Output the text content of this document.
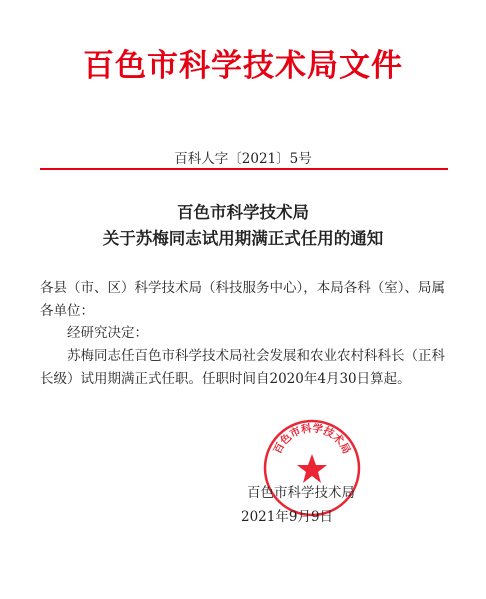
百色市科学技术局文件
百科人字〔2021〕5号
百色市科学技术局
关于苏梅同志试用期满正式任用的通知
各县（市、区）科学技术局（科技服务中心），本局各科（室）、局属各单位：
经研究决定：
苏梅同志任百色市科学技术局社会发展和农业农村科科长（正科长级）试用期满正式任职。任职时间自2020年4月30日算起。
百色市科学技术局
百色市科学技术局
2021年9月9日
